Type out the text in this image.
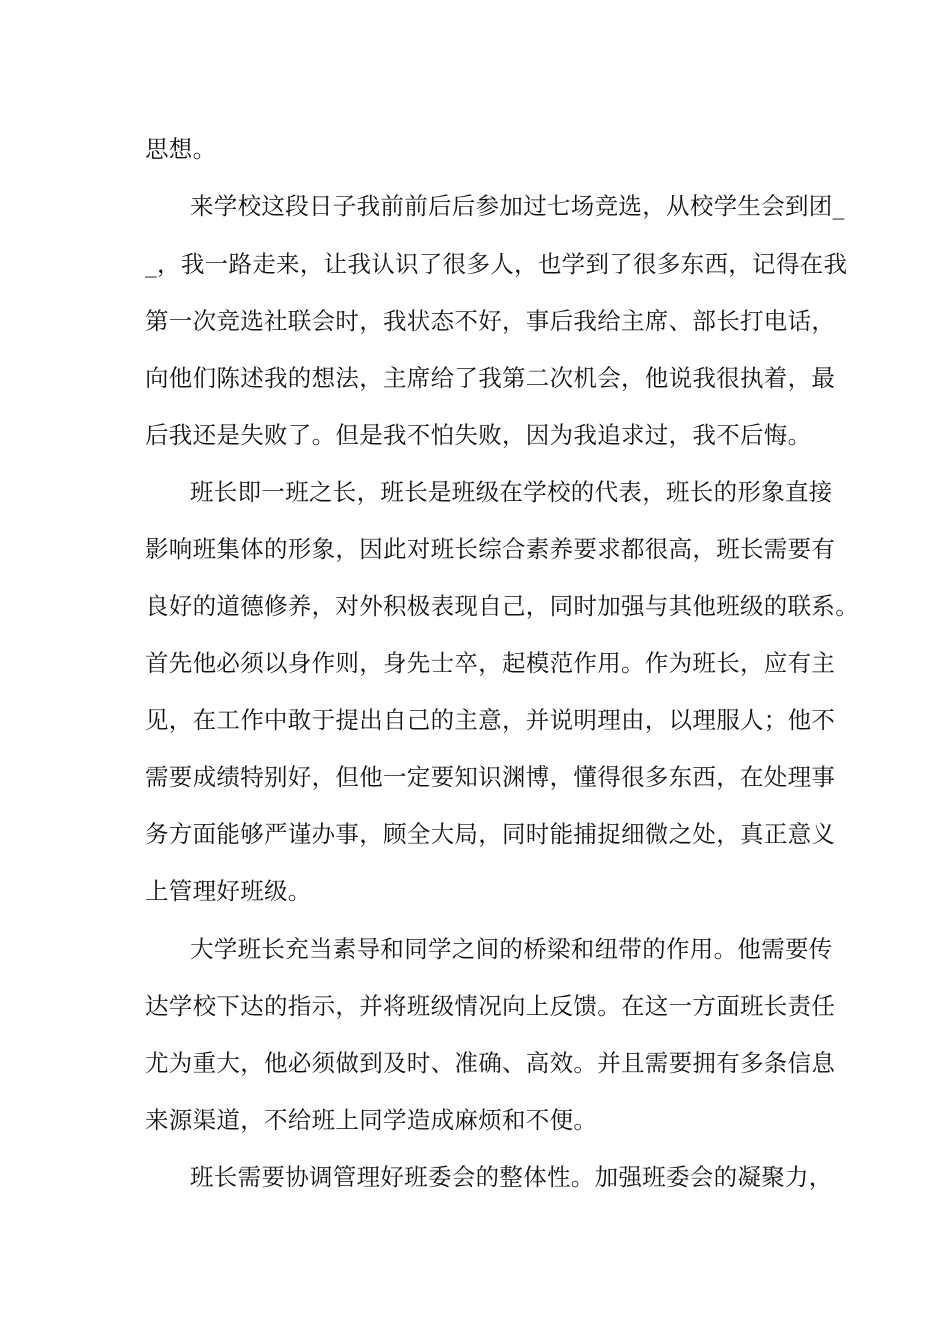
思想。
来学校这段日子我前前后后参加过七场竞选，从校学生会到团_
_，我一路走来，让我认识了很多人，也学到了很多东西，记得在我
第一次竞选社联会时，我状态不好，事后我给主席、部长打电话，
向他们陈述我的想法，主席给了我第二次机会，他说我很执着，最
后我还是失败了。但是我不怕失败，因为我追求过，我不后悔。
班长即一班之长，班长是班级在学校的代表，班长的形象直接
影响班集体的形象，因此对班长综合素养要求都很高，班长需要有
良好的道德修养，对外积极表现自己，同时加强与其他班级的联系。
首先他必须以身作则，身先士卒，起模范作用。作为班长，应有主
见，在工作中敢于提出自己的主意，并说明理由，以理服人；他不
需要成绩特别好，但他一定要知识渊博，懂得很多东西，在处理事
务方面能够严谨办事，顾全大局，同时能捕捉细微之处，真正意义
上管理好班级。
大学班长充当素导和同学之间的桥梁和纽带的作用。他需要传
达学校下达的指示，并将班级情况向上反馈。在这一方面班长责任
尤为重大，他必须做到及时、准确、高效。并且需要拥有多条信息
来源渠道，不给班上同学造成麻烦和不便。
班长需要协调管理好班委会的整体性。加强班委会的凝聚力，
